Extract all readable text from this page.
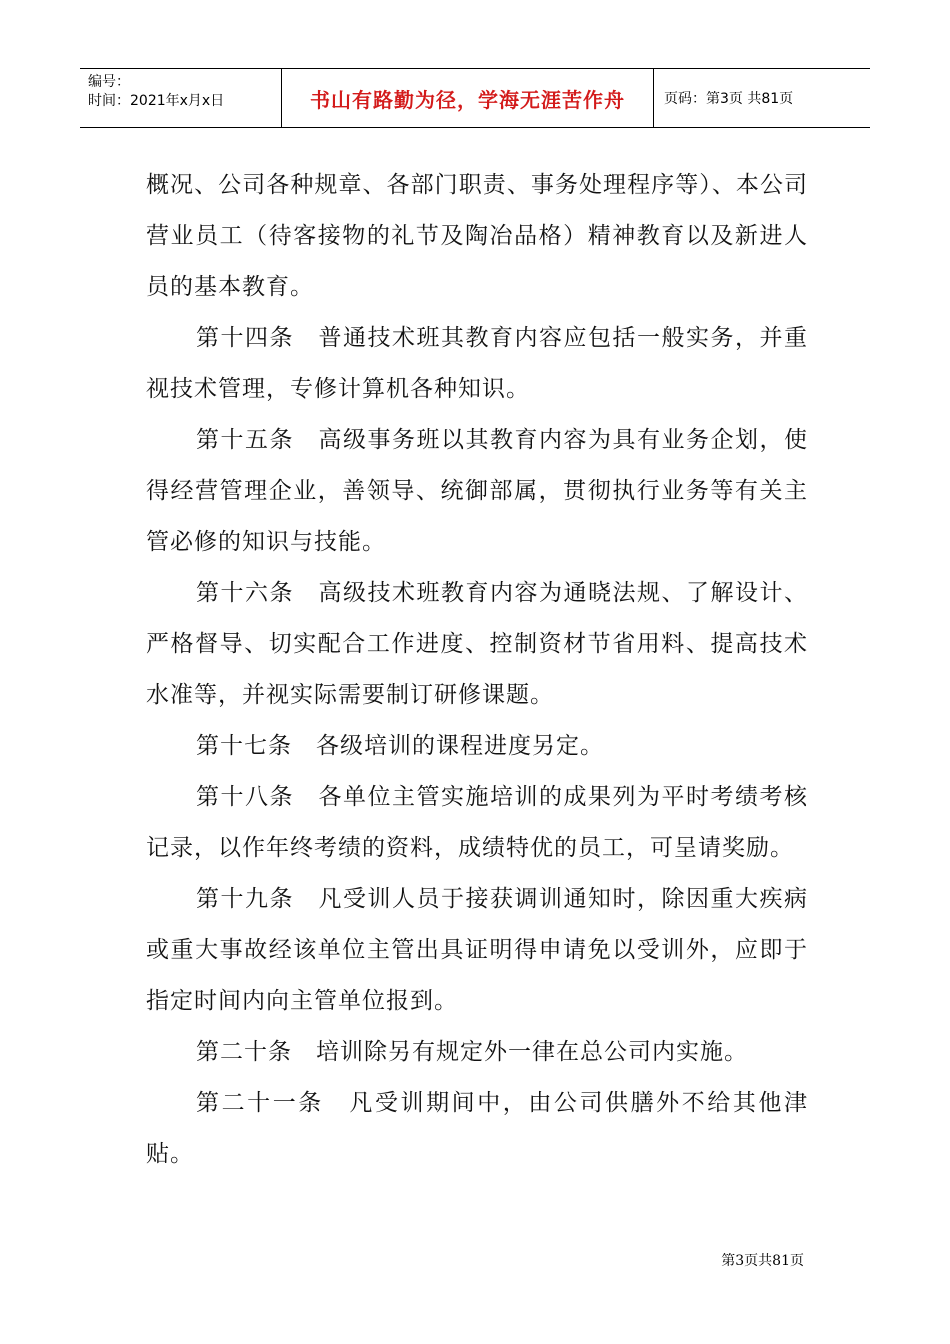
编号：
时间：2021年x月x日	书山有路勤为径，学海无涯苦作舟	页码：第3页 共81页

概况、公司各种规章、各部门职责、事务处理程序等）、本公司营业员工（待客接物的礼节及陶冶品格）精神教育以及新进人员的基本教育。

第十四条　普通技术班其教育内容应包括一般实务，并重视技术管理，专修计算机各种知识。

第十五条　高级事务班以其教育内容为具有业务企划，使得经营管理企业，善领导、统御部属，贯彻执行业务等有关主管必修的知识与技能。

第十六条　高级技术班教育内容为通晓法规、了解设计、严格督导、切实配合工作进度、控制资材节省用料、提高技术水准等，并视实际需要制订研修课题。

第十七条　各级培训的课程进度另定。

第十八条　各单位主管实施培训的成果列为平时考绩考核记录，以作年终考绩的资料，成绩特优的员工，可呈请奖励。

第十九条　凡受训人员于接获调训通知时，除因重大疾病或重大事故经该单位主管出具证明得申请免以受训外，应即于指定时间内向主管单位报到。

第二十条　培训除另有规定外一律在总公司内实施。

第二十一条　凡受训期间中，由公司供膳外不给其他津贴。

第3页共81页
